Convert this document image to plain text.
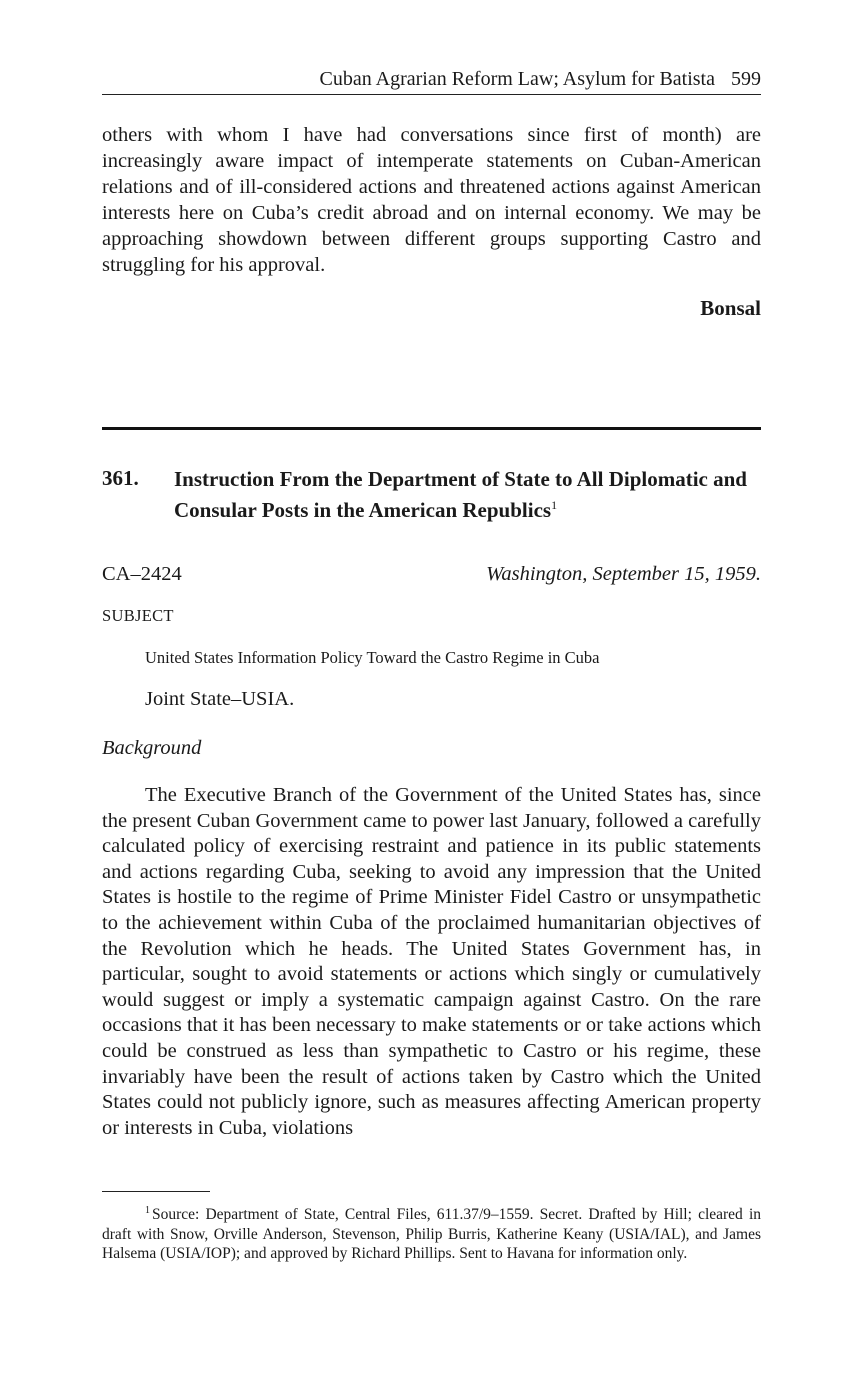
Cuban Agrarian Reform Law; Asylum for Batista 599
others with whom I have had conversations since first of month) are increasingly aware impact of intemperate statements on Cuban-American relations and of ill-considered actions and threatened actions against American interests here on Cuba’s credit abroad and on internal economy. We may be approaching showdown between different groups supporting Castro and struggling for his approval.
Bonsal
361. Instruction From the Department of State to All Diplomatic and Consular Posts in the American Republics$^1$
CA–2424	Washington, September 15, 1959.
SUBJECT
United States Information Policy Toward the Castro Regime in Cuba
Joint State–USIA.
Background
The Executive Branch of the Government of the United States has, since the present Cuban Government came to power last January, followed a carefully calculated policy of exercising restraint and patience in its public statements and actions regarding Cuba, seeking to avoid any impression that the United States is hostile to the regime of Prime Minister Fidel Castro or unsympathetic to the achievement within Cuba of the proclaimed humanitarian objectives of the Revolution which he heads. The United States Government has, in particular, sought to avoid statements or actions which singly or cumulatively would suggest or imply a systematic campaign against Castro. On the rare occasions that it has been necessary to make statements or or take actions which could be construed as less than sympathetic to Castro or his regime, these invariably have been the result of actions taken by Castro which the United States could not publicly ignore, such as measures affecting American property or interests in Cuba, violations
$^1$ Source: Department of State, Central Files, 611.37/9–1559. Secret. Drafted by Hill; cleared in draft with Snow, Orville Anderson, Stevenson, Philip Burris, Katherine Keany (USIA/IAL), and James Halsema (USIA/IOP); and approved by Richard Phillips. Sent to Havana for information only.
